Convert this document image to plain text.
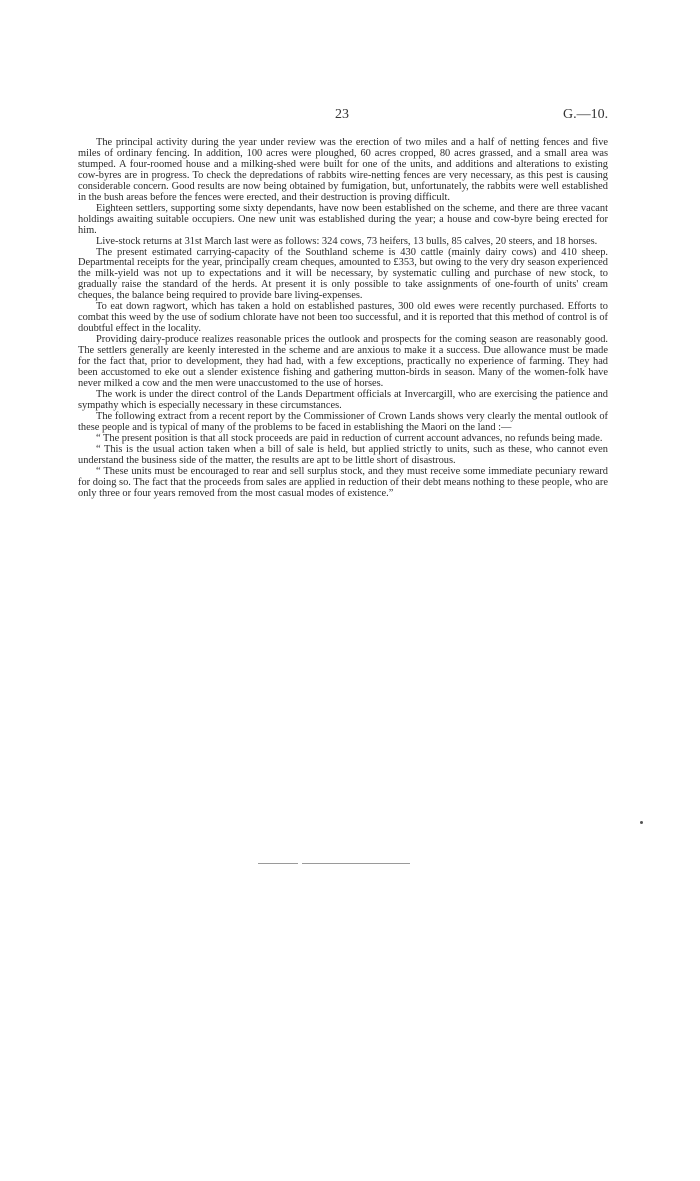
23	G.—10.

The principal activity during the year under review was the erection of two miles and a half of netting fences and five miles of ordinary fencing. In addition, 100 acres were ploughed, 60 acres cropped, 80 acres grassed, and a small area was stumped. A four-roomed house and a milking-shed were built for one of the units, and additions and alterations to existing cow-byres are in progress. To check the depredations of rabbits wire-netting fences are very necessary, as this pest is causing considerable concern. Good results are now being obtained by fumigation, but, unfortunately, the rabbits were well established in the bush areas before the fences were erected, and their destruction is proving difficult.

Eighteen settlers, supporting some sixty dependants, have now been established on the scheme, and there are three vacant holdings awaiting suitable occupiers. One new unit was established during the year; a house and cow-byre being erected for him.

Live-stock returns at 31st March last were as follows: 324 cows, 73 heifers, 13 bulls, 85 calves, 20 steers, and 18 horses.

The present estimated carrying-capacity of the Southland scheme is 430 cattle (mainly dairy cows) and 410 sheep. Departmental receipts for the year, principally cream cheques, amounted to £353, but owing to the very dry season experienced the milk-yield was not up to expectations and it will be necessary, by systematic culling and purchase of new stock, to gradually raise the standard of the herds. At present it is only possible to take assignments of one-fourth of units' cream cheques, the balance being required to provide bare living-expenses.

To eat down ragwort, which has taken a hold on established pastures, 300 old ewes were recently purchased. Efforts to combat this weed by the use of sodium chlorate have not been too successful, and it is reported that this method of control is of doubtful effect in the locality.

Providing dairy-produce realizes reasonable prices the outlook and prospects for the coming season are reasonably good. The settlers generally are keenly interested in the scheme and are anxious to make it a success. Due allowance must be made for the fact that, prior to development, they had had, with a few exceptions, practically no experience of farming. They had been accustomed to eke out a slender existence fishing and gathering mutton-birds in season. Many of the women-folk have never milked a cow and the men were unaccustomed to the use of horses.

The work is under the direct control of the Lands Department officials at Invercargill, who are exercising the patience and sympathy which is especially necessary in these circumstances.

The following extract from a recent report by the Commissioner of Crown Lands shows very clearly the mental outlook of these people and is typical of many of the problems to be faced in establishing the Maori on the land :—

“ The present position is that all stock proceeds are paid in reduction of current account advances, no refunds being made.

“ This is the usual action taken when a bill of sale is held, but applied strictly to units, such as these, who cannot even understand the business side of the matter, the results are apt to be little short of disastrous.

“ These units must be encouraged to rear and sell surplus stock, and they must receive some immediate pecuniary reward for doing so. The fact that the proceeds from sales are applied in reduction of their debt means nothing to these people, who are only three or four years removed from the most casual modes of existence.”
